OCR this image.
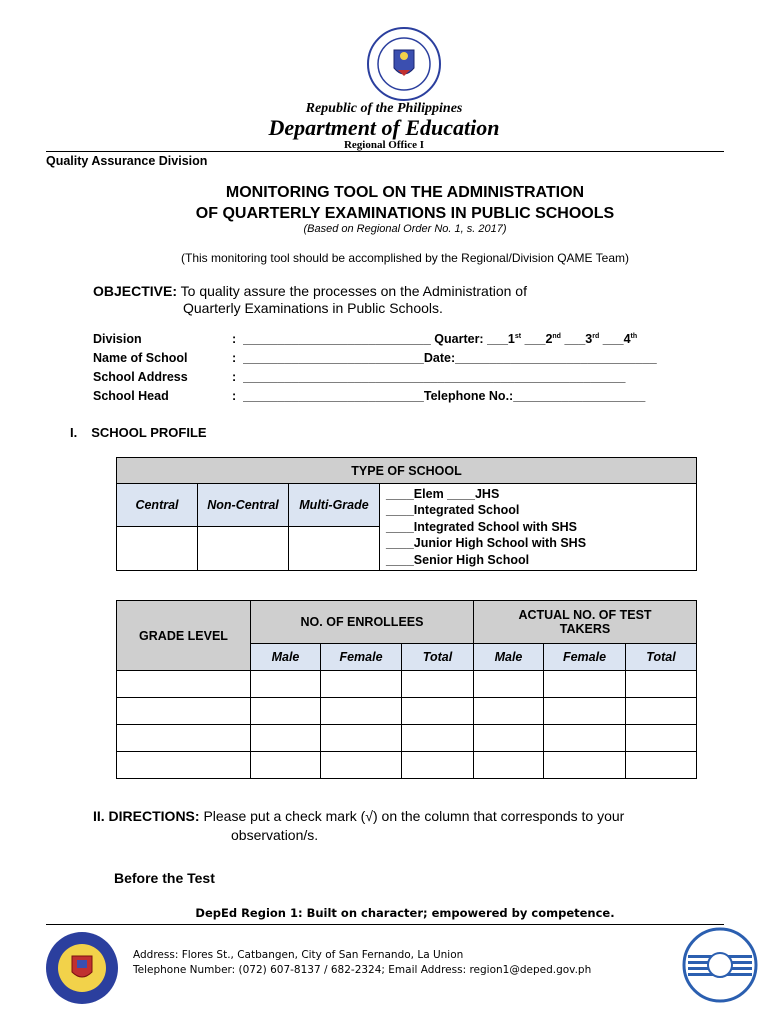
Republic of the Philippines
Department of Education
Regional Office I
Quality Assurance Division
MONITORING TOOL ON THE ADMINISTRATION
OF QUARTERLY EXAMINATIONS IN PUBLIC SCHOOLS
(Based on Regional Order No. 1, s. 2017)
(This monitoring tool should be accomplished by the Regional/Division QAME Team)
OBJECTIVE: To quality assure the processes on the Administration of
Quarterly Examinations in Public Schools.
Division	:  ___________________________ Quarter: ___1st ___2nd ___3rd ___4th
Name of School	:  __________________________Date:_____________________________
School Address	:  _______________________________________________________
School Head	:  __________________________Telephone No.:___________________
I. SCHOOL PROFILE
TYPE OF SCHOOL			
Central	Non-Central	Multi-Grade	____Elem ____JHS
____Integrated School
____Integrated School with SHS
____Junior High School with SHS
____Senior High School

GRADE LEVEL	NO. OF ENROLLEES			ACTUAL NO. OF TEST TAKERS		
	Male	Female	Total	Male	Female	Total

II. DIRECTIONS: Please put a check mark (√) on the column that corresponds to your
observation/s.
Before the Test
DepEd Region 1: Built on character; empowered by competence.
Address: Flores St., Catbangen, City of San Fernando, La Union
Telephone Number: (072) 607-8137 / 682-2324; Email Address: region1@deped.gov.ph
